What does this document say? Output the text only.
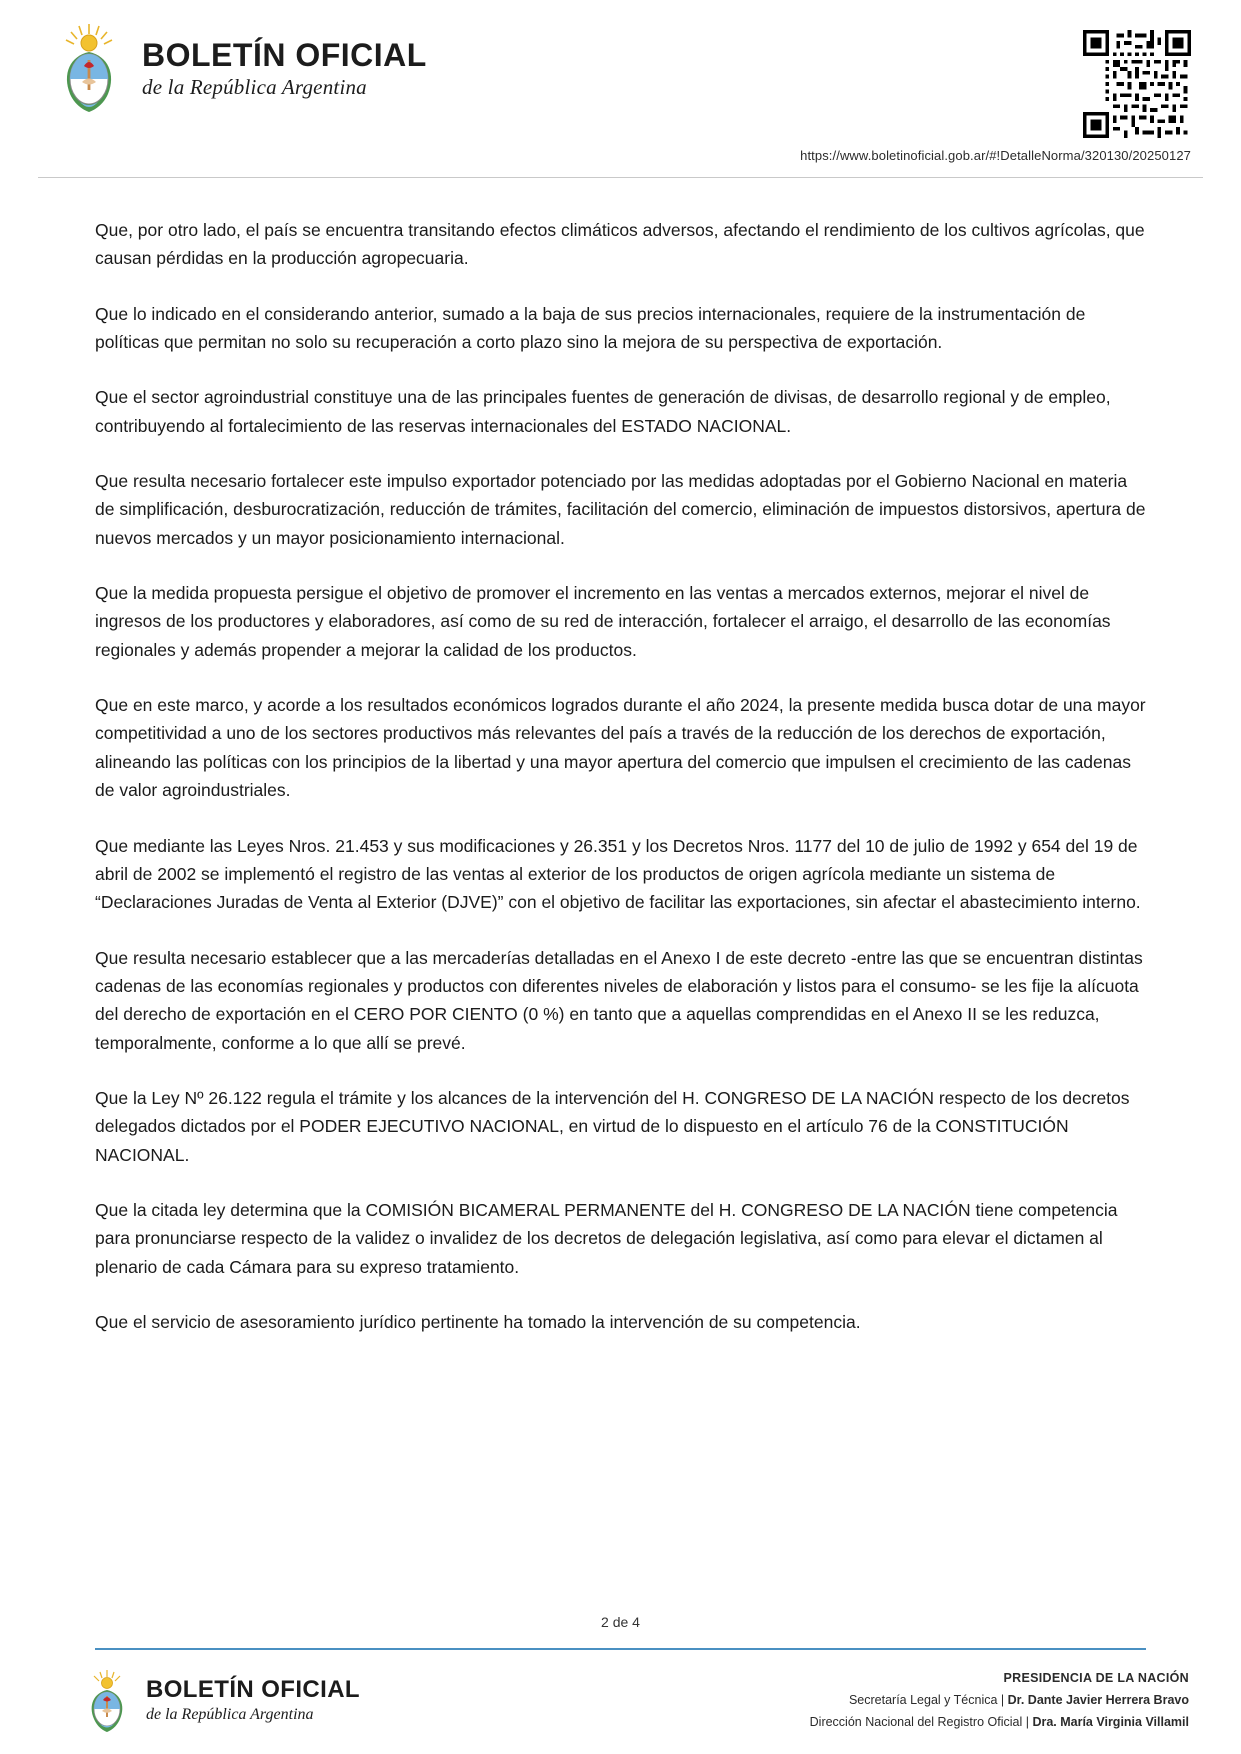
BOLETÍN OFICIAL
de la República Argentina
https://www.boletinoficial.gob.ar/#!DetalleNorma/320130/20250127

Que, por otro lado, el país se encuentra transitando efectos climáticos adversos, afectando el rendimiento de los cultivos agrícolas, que causan pérdidas en la producción agropecuaria.

Que lo indicado en el considerando anterior, sumado a la baja de sus precios internacionales, requiere de la instrumentación de políticas que permitan no solo su recuperación a corto plazo sino la mejora de su perspectiva de exportación.

Que el sector agroindustrial constituye una de las principales fuentes de generación de divisas, de desarrollo regional y de empleo, contribuyendo al fortalecimiento de las reservas internacionales del ESTADO NACIONAL.

Que resulta necesario fortalecer este impulso exportador potenciado por las medidas adoptadas por el Gobierno Nacional en materia de simplificación, desburocratización, reducción de trámites, facilitación del comercio, eliminación de impuestos distorsivos, apertura de nuevos mercados y un mayor posicionamiento internacional.

Que la medida propuesta persigue el objetivo de promover el incremento en las ventas a mercados externos, mejorar el nivel de ingresos de los productores y elaboradores, así como de su red de interacción, fortalecer el arraigo, el desarrollo de las economías regionales y además propender a mejorar la calidad de los productos.

Que en este marco, y acorde a los resultados económicos logrados durante el año 2024, la presente medida busca dotar de una mayor competitividad a uno de los sectores productivos más relevantes del país a través de la reducción de los derechos de exportación, alineando las políticas con los principios de la libertad y una mayor apertura del comercio que impulsen el crecimiento de las cadenas de valor agroindustriales.

Que mediante las Leyes Nros. 21.453 y sus modificaciones y 26.351 y los Decretos Nros. 1177 del 10 de julio de 1992 y 654 del 19 de abril de 2002 se implementó el registro de las ventas al exterior de los productos de origen agrícola mediante un sistema de “Declaraciones Juradas de Venta al Exterior (DJVE)” con el objetivo de facilitar las exportaciones, sin afectar el abastecimiento interno.

Que resulta necesario establecer que a las mercaderías detalladas en el Anexo I de este decreto -entre las que se encuentran distintas cadenas de las economías regionales y productos con diferentes niveles de elaboración y listos para el consumo- se les fije la alícuota del derecho de exportación en el CERO POR CIENTO (0 %) en tanto que a aquellas comprendidas en el Anexo II se les reduzca, temporalmente, conforme a lo que allí se prevé.

Que la Ley Nº 26.122 regula el trámite y los alcances de la intervención del H. CONGRESO DE LA NACIÓN respecto de los decretos delegados dictados por el PODER EJECUTIVO NACIONAL, en virtud de lo dispuesto en el artículo 76 de la CONSTITUCIÓN NACIONAL.

Que la citada ley determina que la COMISIÓN BICAMERAL PERMANENTE del H. CONGRESO DE LA NACIÓN tiene competencia para pronunciarse respecto de la validez o invalidez de los decretos de delegación legislativa, así como para elevar el dictamen al plenario de cada Cámara para su expreso tratamiento.

Que el servicio de asesoramiento jurídico pertinente ha tomado la intervención de su competencia.

2 de 4
BOLETÍN OFICIAL
de la República Argentina
PRESIDENCIA DE LA NACIÓN
Secretaría Legal y Técnica | Dr. Dante Javier Herrera Bravo
Dirección Nacional del Registro Oficial | Dra. María Virginia Villamil
